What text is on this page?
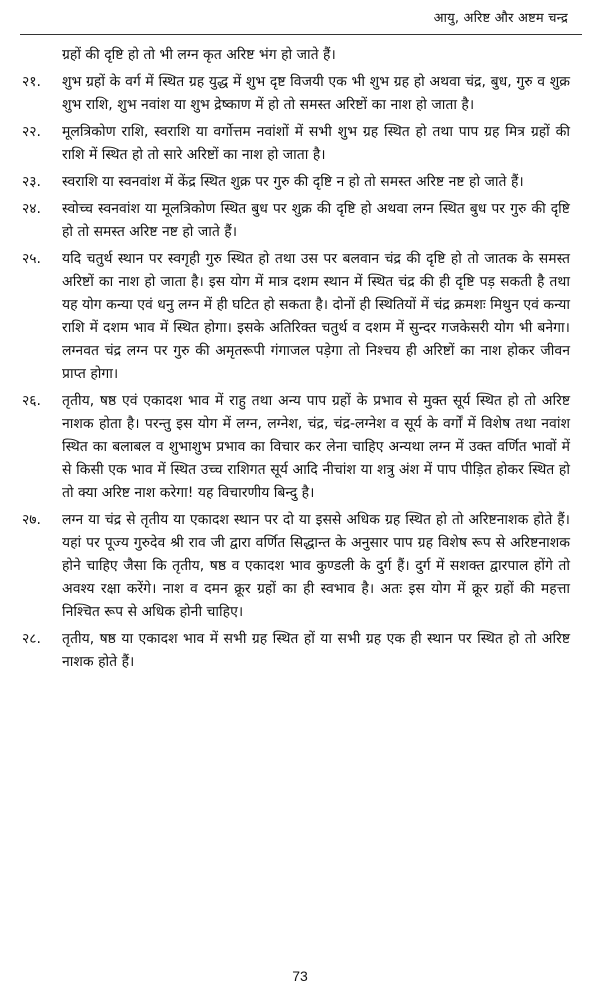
आयु, अरिष्ट और अष्टम चन्द्र
ग्रहों की दृष्टि हो तो भी लग्न कृत अरिष्ट भंग हो जाते हैं।
२१.	शुभ ग्रहों के वर्ग में स्थित ग्रह युद्ध में शुभ दृष्ट विजयी एक भी शुभ ग्रह हो अथवा चंद्र, बुध, गुरु व शुक्र शुभ राशि, शुभ नवांश या शुभ द्रेष्काण में हो तो समस्त अरिष्टों का नाश हो जाता है।
२२.	मूलत्रिकोण राशि, स्वराशि या वर्गोत्तम नवांशों में सभी शुभ ग्रह स्थित हो तथा पाप ग्रह मित्र ग्रहों की राशि में स्थित हो तो सारे अरिष्टों का नाश हो जाता है।
२३.	स्वराशि या स्वनवांश में केंद्र स्थित शुक्र पर गुरु की दृष्टि न हो तो समस्त अरिष्ट नष्ट हो जाते हैं।
२४.	स्वोच्च स्वनवांश या मूलत्रिकोण स्थित बुध पर शुक्र की दृष्टि हो अथवा लग्न स्थित बुध पर गुरु की दृष्टि हो तो समस्त अरिष्ट नष्ट हो जाते हैं।
२५.	यदि चतुर्थ स्थान पर स्वगृही गुरु स्थित हो तथा उस पर बलवान चंद्र की दृष्टि हो तो जातक के समस्त अरिष्टों का नाश हो जाता है। इस योग में मात्र दशम स्थान में स्थित चंद्र की ही दृष्टि पड़ सकती है तथा यह योग कन्या एवं धनु लग्न में ही घटित हो सकता है। दोनों ही स्थितियों में चंद्र क्रमशः मिथुन एवं कन्या राशि में दशम भाव में स्थित होगा। इसके अतिरिक्त चतुर्थ व दशम में सुन्दर गजकेसरी योग भी बनेगा। लग्नवत चंद्र लग्न पर गुरु की अमृतरूपी गंगाजल पड़ेगा तो निश्चय ही अरिष्टों का नाश होकर जीवन प्राप्त होगा।
२६.	तृतीय, षष्ठ एवं एकादश भाव में राहु तथा अन्य पाप ग्रहों के प्रभाव से मुक्त सूर्य स्थित हो तो अरिष्ट नाशक होता है। परन्तु इस योग में लग्न, लग्नेश, चंद्र, चंद्र-लग्नेश व सूर्य के वर्गों में विशेष तथा नवांश स्थित का बलाबल व शुभाशुभ प्रभाव का विचार कर लेना चाहिए अन्यथा लग्न में उक्त वर्णित भावों में से किसी एक भाव में स्थित उच्च राशिगत सूर्य आदि नीचांश या शत्रु अंश में पाप पीड़ित होकर स्थित हो तो क्या अरिष्ट नाश करेगा! यह विचारणीय बिन्दु है।
२७.	लग्न या चंद्र से तृतीय या एकादश स्थान पर दो या इससे अधिक ग्रह स्थित हो तो अरिष्टनाशक होते हैं। यहां पर पूज्य गुरुदेव श्री राव जी द्वारा वर्णित सिद्धान्त के अनुसार पाप ग्रह विशेष रूप से अरिष्टनाशक होने चाहिए जैसा कि तृतीय, षष्ठ व एकादश भाव कुण्डली के दुर्ग हैं। दुर्ग में सशक्त द्वारपाल होंगे तो अवश्य रक्षा करेंगे। नाश व दमन क्रूर ग्रहों का ही स्वभाव है। अतः इस योग में क्रूर ग्रहों की महत्ता निश्चित रूप से अधिक होनी चाहिए।
२८.	तृतीय, षष्ठ या एकादश भाव में सभी ग्रह स्थित हों या सभी ग्रह एक ही स्थान पर स्थित हो तो अरिष्ट नाशक होते हैं।
73
